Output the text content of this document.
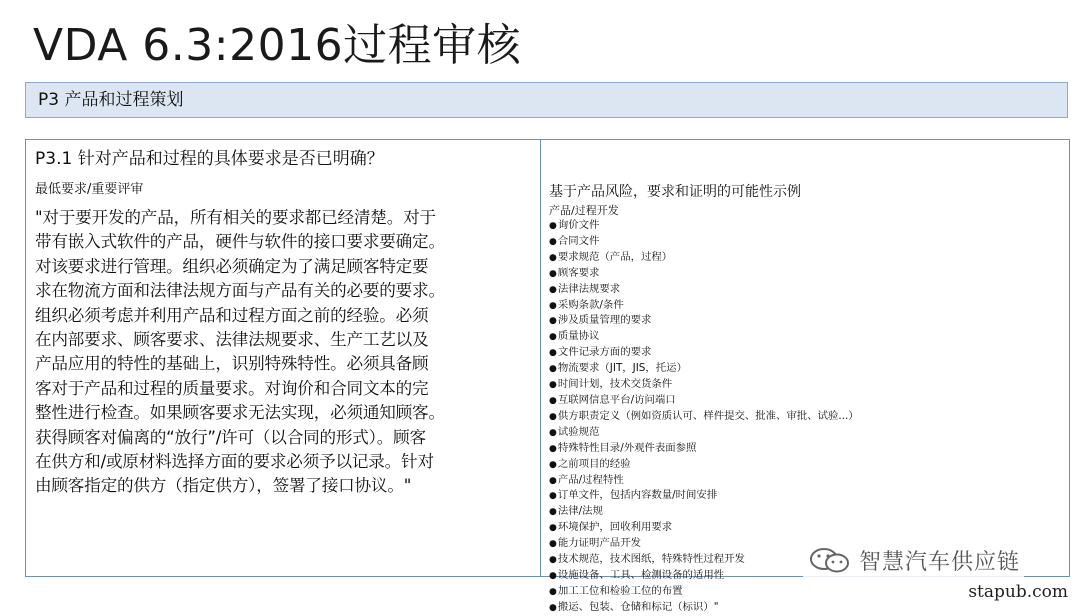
VDA 6.3:2016过程审核
P3 产品和过程策划
P3.1 针对产品和过程的具体要求是否已明确？
最低要求/重要评审
"对于要开发的产品，所有相关的要求都已经清楚。对于
带有嵌入式软件的产品，硬件与软件的接口要求要确定。
对该要求进行管理。组织必须确定为了满足顾客特定要
求在物流方面和法律法规方面与产品有关的必要的要求。
组织必须考虑并利用产品和过程方面之前的经验。必须
在内部要求、顾客要求、法律法规要求、生产工艺以及
产品应用的特性的基础上，识别特殊特性。必须具备顾
客对于产品和过程的质量要求。对询价和合同文本的完
整性进行检查。如果顾客要求无法实现，必须通知顾客。
获得顾客对偏离的“放行”/许可（以合同的形式）。顾客
在供方和/或原材料选择方面的要求必须予以记录。针对
由顾客指定的供方（指定供方），签署了接口协议。"
基于产品风险，要求和证明的可能性示例
产品/过程开发
●询价文件
●合同文件
●要求规范（产品，过程）
●顾客要求
●法律法规要求
●采购条款/条件
●涉及质量管理的要求
●质量协议
●文件记录方面的要求
●物流要求（JIT，JIS，托运）
●时间计划，技术交货条件
●互联网信息平台/访问端口
●供方职责定义（例如资质认可、样件提交、批准、审批、试验...）
●试验规范
●特殊特性目录/外观件表面参照
●之前项目的经验
●产品/过程特性
●订单文件，包括内容数量/时间安排
●法律/法规
●环境保护，回收利用要求
●能力证明产品开发
●技术规范，技术图纸，特殊特性过程开发
●设施设备、工具、检测设备的适用性
●加工工位和检验工位的布置
●搬运、包装、仓储和标记（标识）"
智慧汽车供应链
stapub.com
